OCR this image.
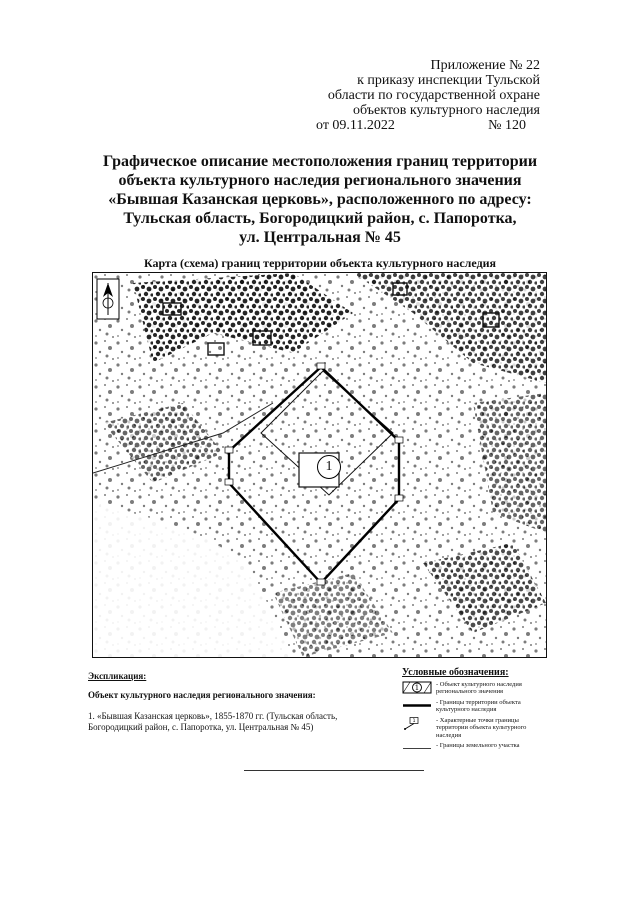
Приложение № 22
к приказу инспекции Тульской
области по государственной охране
объектов культурного наследия
от 09.11.2022	№ 120
Графическое описание местоположения границ территории
объекта культурного наследия регионального значения
«Бывшая Казанская церковь», расположенного по адресу:
Тульская область, Богородицкий район, с. Папоротка,
ул. Центральная № 45
Карта (схема) границ территории объекта культурного наследия
1
Экспликация:
Объект культурного наследия регионального значения:
1. «Бывшая Казанская церковь», 1855-1870 гг. (Тульская область, Богородицкий район, с. Папоротка, ул. Центральная № 45)
Условные обозначения:
1	- Объект культурного наследия регионального значения
- Границы территории объекта культурного наследия
1	- Характерные точки границы территории объекта культурного наследия
- Границы земельного участка
